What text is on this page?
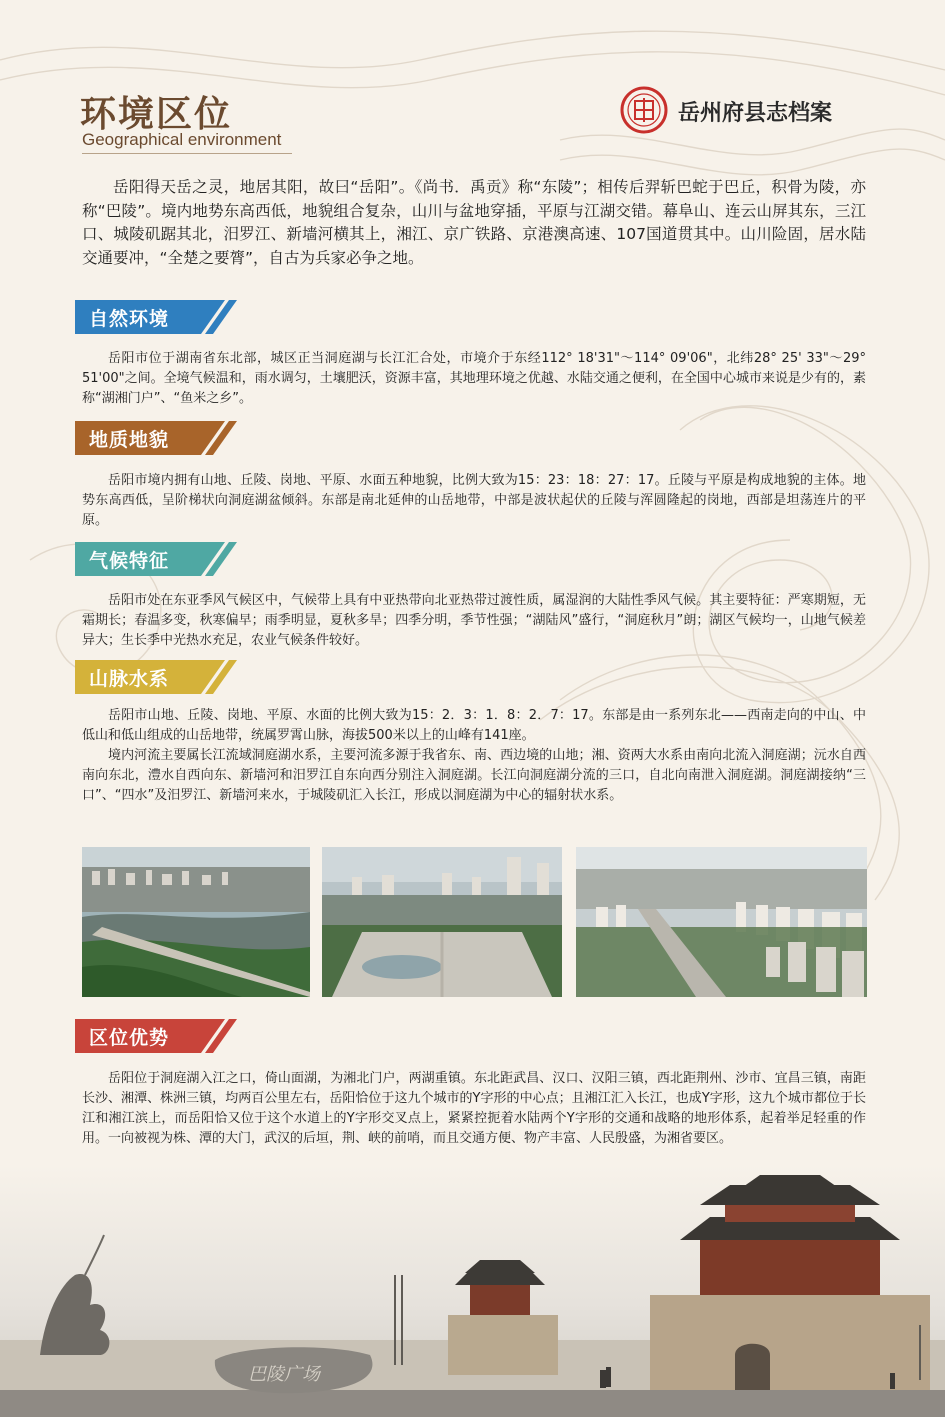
环境区位
Geographical environment
岳州府县志档案

岳阳得天岳之灵，地居其阳，故曰“岳阳”。《尚书．禹贡》称“东陵”；相传后羿斩巴蛇于巴丘，积骨为陵，亦称“巴陵”。境内地势东高西低，地貌组合复杂，山川与盆地穿插，平原与江湖交错。幕阜山、连云山屏其东，三江口、城陵矶踞其北，汨罗江、新墙河横其上，湘江、京广铁路、京港澳高速、107国道贯其中。山川险固，居水陆交通要冲，“全楚之要膂”，自古为兵家必争之地。

自然环境

岳阳市位于湖南省东北部，城区正当洞庭湖与长江汇合处，市境介于东经112° 18'31"～114° 09'06"，北纬28° 25' 33"～29° 51'00"之间。全境气候温和，雨水调匀，土壤肥沃，资源丰富，其地理环境之优越、水陆交通之便利，在全国中心城市来说是少有的，素称“湖湘门户”、“鱼米之乡”。

地质地貌

岳阳市境内拥有山地、丘陵、岗地、平原、水面五种地貌，比例大致为15：23：18：27：17。丘陵与平原是构成地貌的主体。地势东高西低，呈阶梯状向洞庭湖盆倾斜。东部是南北延伸的山岳地带，中部是波状起伏的丘陵与浑圆隆起的岗地，西部是坦荡连片的平原。

气候特征

岳阳市处在东亚季风气候区中，气候带上具有中亚热带向北亚热带过渡性质，属湿润的大陆性季风气候。其主要特征：严寒期短，无霜期长；春温多变，秋寒偏早；雨季明显，夏秋多旱；四季分明，季节性强；“湖陆风”盛行，“洞庭秋月”朗；湖区气候均一，山地气候差异大；生长季中光热水充足，农业气候条件较好。

山脉水系

岳阳市山地、丘陵、岗地、平原、水面的比例大致为15：2．3：1．8：2．7：17。东部是由一系列东北——西南走向的中山、中低山和低山组成的山岳地带，统属罗霄山脉，海拔500米以上的山峰有141座。

境内河流主要属长江流域洞庭湖水系，主要河流多源于我省东、南、西边境的山地；湘、资两大水系由南向北流入洞庭湖；沅水自西南向东北，澧水自西向东、新墙河和汨罗江自东向西分别注入洞庭湖。长江向洞庭湖分流的三口，自北向南泄入洞庭湖。洞庭湖接纳“三口”、“四水”及汨罗江、新墙河来水，于城陵矶汇入长江，形成以洞庭湖为中心的辐射状水系。

区位优势

岳阳位于洞庭湖入江之口，倚山面湖，为湘北门户，两湖重镇。东北距武昌、汉口、汉阳三镇，西北距荆州、沙市、宜昌三镇，南距长沙、湘潭、株洲三镇，均两百公里左右，岳阳恰位于这九个城市的Y字形的中心点；且湘江汇入长江，也成Y字形，这九个城市都位于长江和湘江滨上，而岳阳恰又位于这个水道上的Y字形交叉点上，紧紧控扼着水陆两个Y字形的交通和战略的地形体系，起着举足轻重的作用。一向被视为株、潭的大门，武汉的后垣，荆、峡的前哨，而且交通方便、物产丰富、人民殷盛，为湘省要区。

巴陵广场
